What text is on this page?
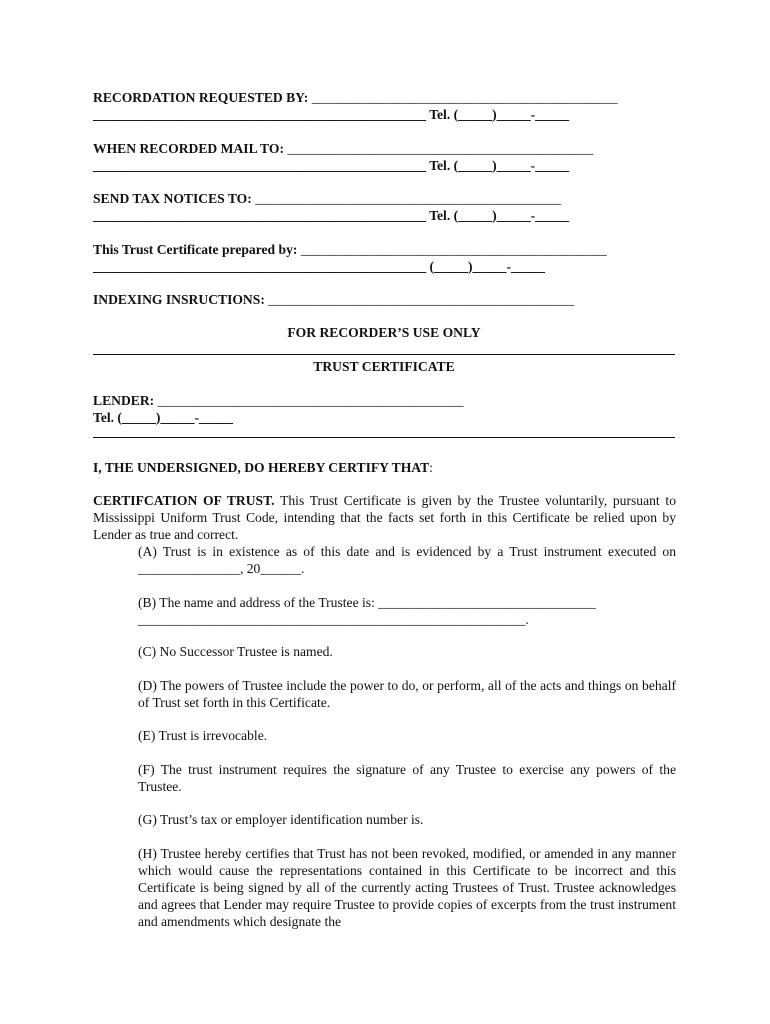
RECORDATION REQUESTED BY: _____________________________________________
_________________________________________________ Tel. (_____)_____-_____
WHEN RECORDED MAIL TO: _____________________________________________
_________________________________________________ Tel. (_____)_____-_____
SEND TAX NOTICES TO: _____________________________________________
_________________________________________________ Tel. (_____)_____-_____
This Trust Certificate prepared by: _____________________________________________
_________________________________________________ (_____)_____-_____
INDEXING INSRUCTIONS: _____________________________________________
FOR RECORDER’S USE ONLY
TRUST CERTIFICATE
LENDER: _____________________________________________
Tel. (_____)_____-_____
I, THE UNDERSIGNED, DO HEREBY CERTIFY THAT:
CERTIFCATION OF TRUST. This Trust Certificate is given by the Trustee voluntarily, pursuant to Mississippi Uniform Trust Code, intending that the facts set forth in this Certificate be relied upon by Lender as true and correct.
(A) Trust is in existence as of this date and is evidenced by a Trust instrument executed on _______________, 20______.
(B) The name and address of the Trustee is: ________________________________
_________________________________________________________.
(C) No Successor Trustee is named.
(D) The powers of Trustee include the power to do, or perform, all of the acts and things on behalf of Trust set forth in this Certificate.
(E) Trust is irrevocable.
(F) The trust instrument requires the signature of any Trustee to exercise any powers of the Trustee.
(G) Trust’s tax or employer identification number is.
(H) Trustee hereby certifies that Trust has not been revoked, modified, or amended in any manner which would cause the representations contained in this Certificate to be incorrect and this Certificate is being signed by all of the currently acting Trustees of Trust. Trustee acknowledges and agrees that Lender may require Trustee to provide copies of excerpts from the trust instrument and amendments which designate the
